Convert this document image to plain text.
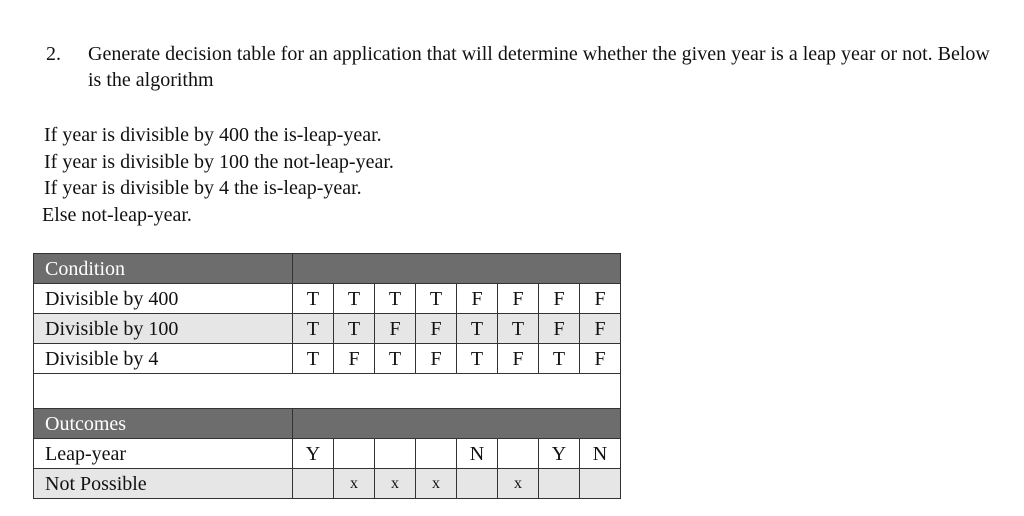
2. Generate decision table for an application that will determine whether the given year is a leap year or not. Below is the algorithm
If year is divisible by 400 the is-leap-year.
If year is divisible by 100 the not-leap-year.
If year is divisible by 4 the is-leap-year.
Else not-leap-year.
Condition								
Divisible by 400	T	T	T	T	F	F	F	F
Divisible by 100	T	T	F	F	T	T	F	F
Divisible by 4	T	F	T	F	T	F	T	F

Outcomes								
Leap-year	Y				N		Y	N
Not Possible		x	x	x		x		
